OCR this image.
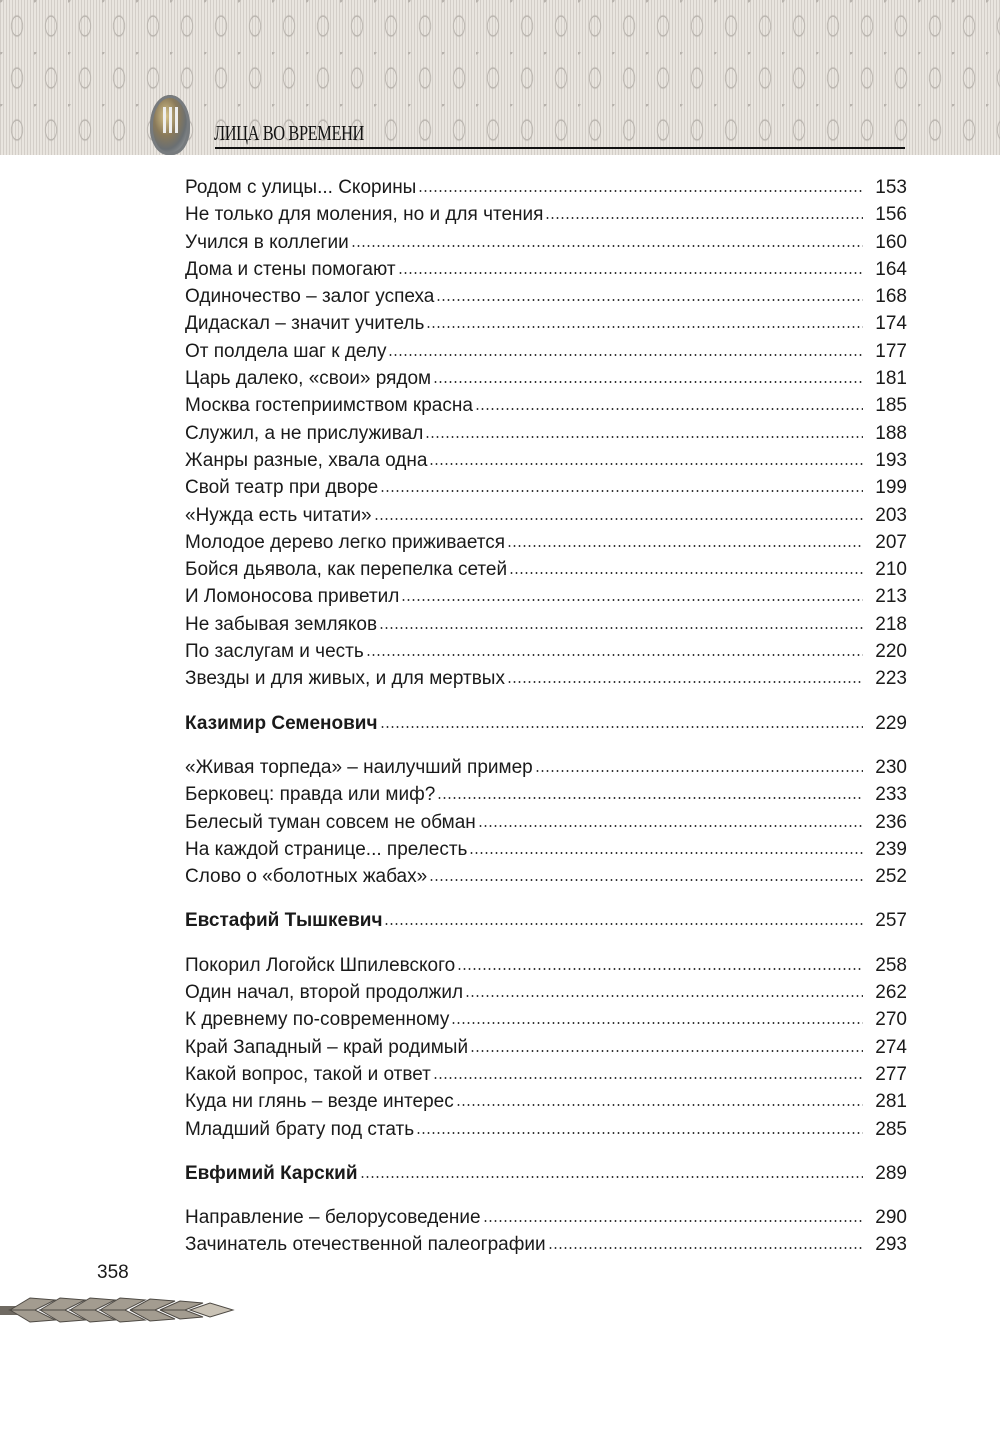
ЛИЦА ВО ВРЕМЕНИ
Родом с улицы... Скорины	153
Не только для моления, но и для чтения	156
Учился в коллегии	160
Дома и стены помогают	164
Одиночество – залог успеха	168
Дидаскал – значит учитель	174
От полдела шаг к делу	177
Царь далеко, «свои» рядом	181
Москва гостеприимством красна	185
Служил, а не прислуживал	188
Жанры разные, хвала одна	193
Свой театр при дворе	199
«Нужда есть читати»	203
Молодое дерево легко приживается	207
Бойся дьявола, как перепелка сетей	210
И Ломоносова приветил	213
Не забывая земляков	218
По заслугам и честь	220
Звезды и для живых, и для мертвых	223
Казимир Семенович	229
«Живая торпеда» – наилучший пример	230
Берковец: правда или миф?	233
Белесый туман совсем не обман	236
На каждой странице... прелесть	239
Слово о «болотных жабах»	252
Евстафий Тышкевич	257
Покорил Логойск Шпилевского	258
Один начал, второй продолжил	262
К древнему по-современному	270
Край Западный – край родимый	274
Какой вопрос, такой и ответ	277
Куда ни глянь – везде интерес	281
Младший брату под стать	285
Евфимий Карский	289
Направление – белорусоведение	290
Зачинатель отечественной палеографии	293
358
